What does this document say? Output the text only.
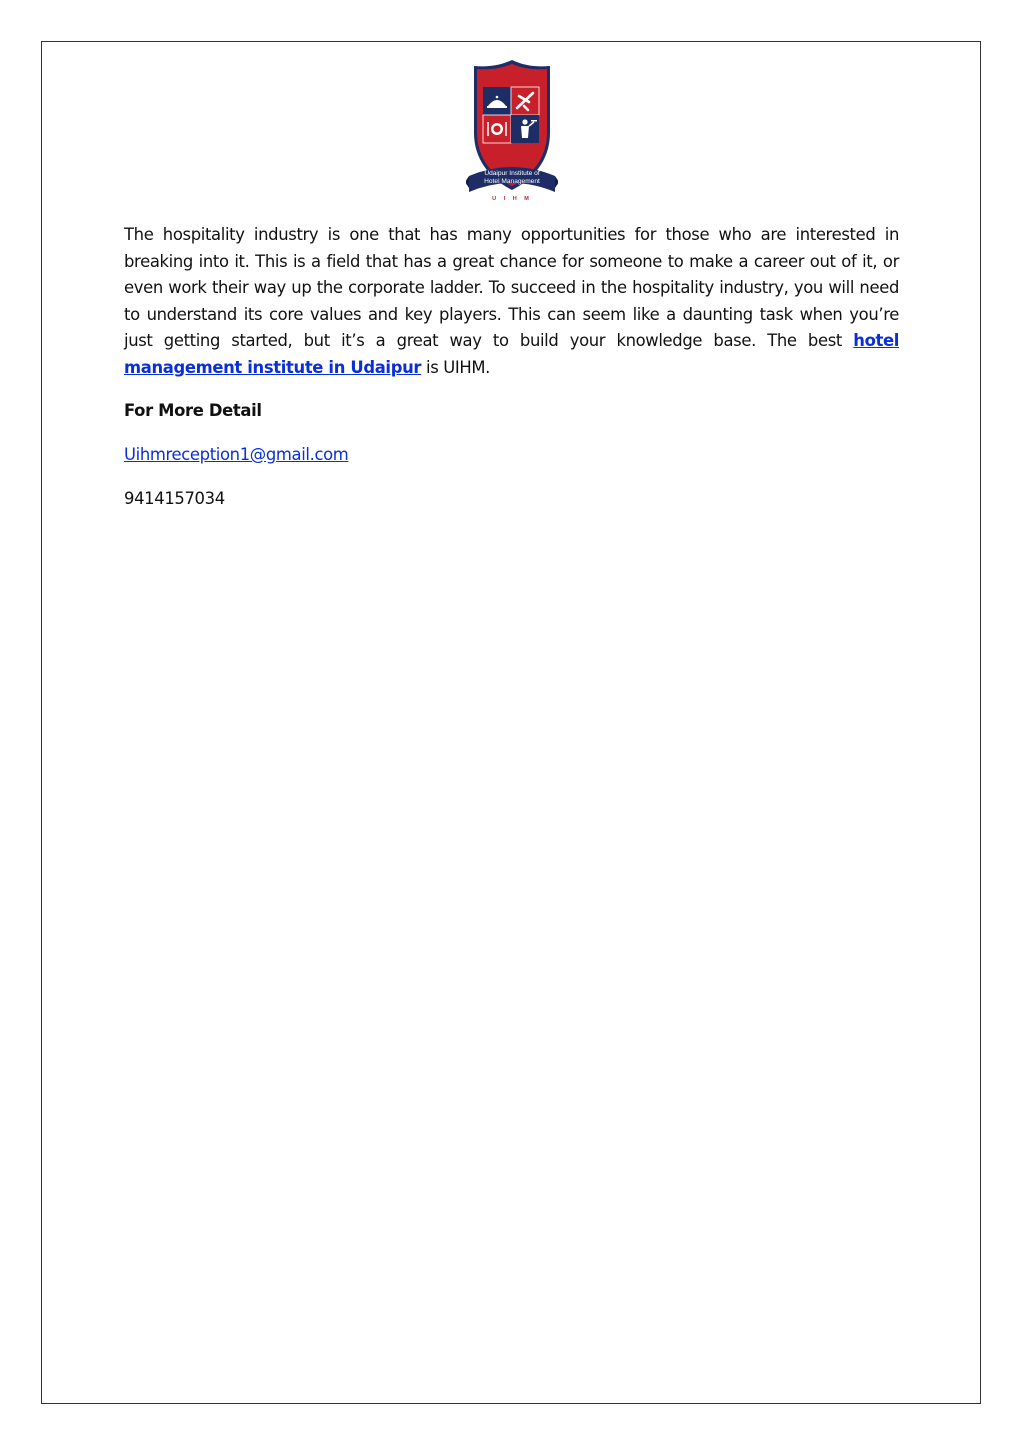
Udaipur Institute of
Hotel Management
U I H M

The hospitality industry is one that has many opportunities for those who are interested in breaking into it. This is a field that has a great chance for someone to make a career out of it, or even work their way up the corporate ladder. To succeed in the hospitality industry, you will need to understand its core values and key players. This can seem like a daunting task when you’re just getting started, but it’s a great way to build your knowledge base. The best hotel management institute in Udaipur is UIHM.

For More Detail

Uihmreception1@gmail.com

9414157034
